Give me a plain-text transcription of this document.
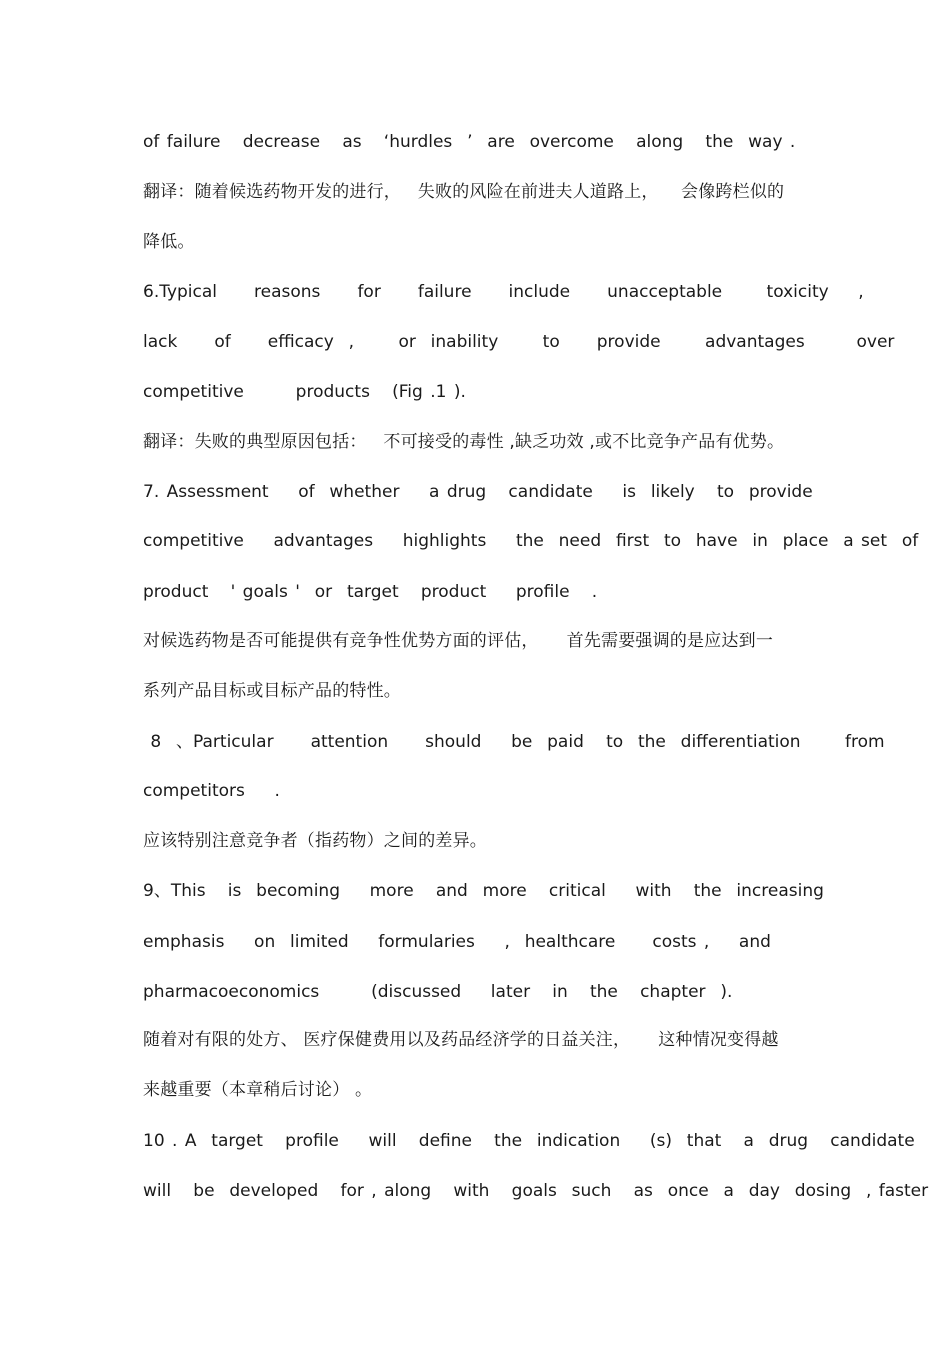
of failure   decrease   as   ‘hurdles  ’  are  overcome   along   the  way .
翻译：随着候选药物开发的进行，   失败的风险在前进夫人道路上，    会像跨栏似的
降低。
6.Typical     reasons     for     failure     include     unacceptable      toxicity    ,
lack     of     efficacy  ,      or  inability      to     provide      advantages       over
competitive       products   (Fig .1 ).
翻译：失败的典型原因包括：   不可接受的毒性 ,缺乏功效 ,或不比竞争产品有优势。
7. Assessment    of  whether    a drug   candidate    is  likely   to  provide
competitive    advantages    highlights    the  need  first  to  have  in  place  a set  of
product   ' goals '  or  target   product    profile   .
对候选药物是否可能提供有竞争性优势方面的评估，     首先需要强调的是应达到一
系列产品目标或目标产品的特性。
8  、Particular     attention     should    be  paid   to  the  differentiation      from
competitors    .
应该特别注意竞争者（指药物）之间的差异。
9、This   is  becoming    more   and  more   critical    with   the  increasing
emphasis    on  limited    formularies    ,  healthcare     costs ,    and
pharmacoeconomics       (discussed    later   in   the   chapter  ).
随着对有限的处方、 医疗保健费用以及药品经济学的日益关注，     这种情况变得越
来越重要（本章稍后讨论） 。
10 . A  target   profile    will   define   the  indication    (s)  that   a  drug   candidate
will   be  developed   for , along   with   goals  such   as  once  a  day  dosing  , faster
